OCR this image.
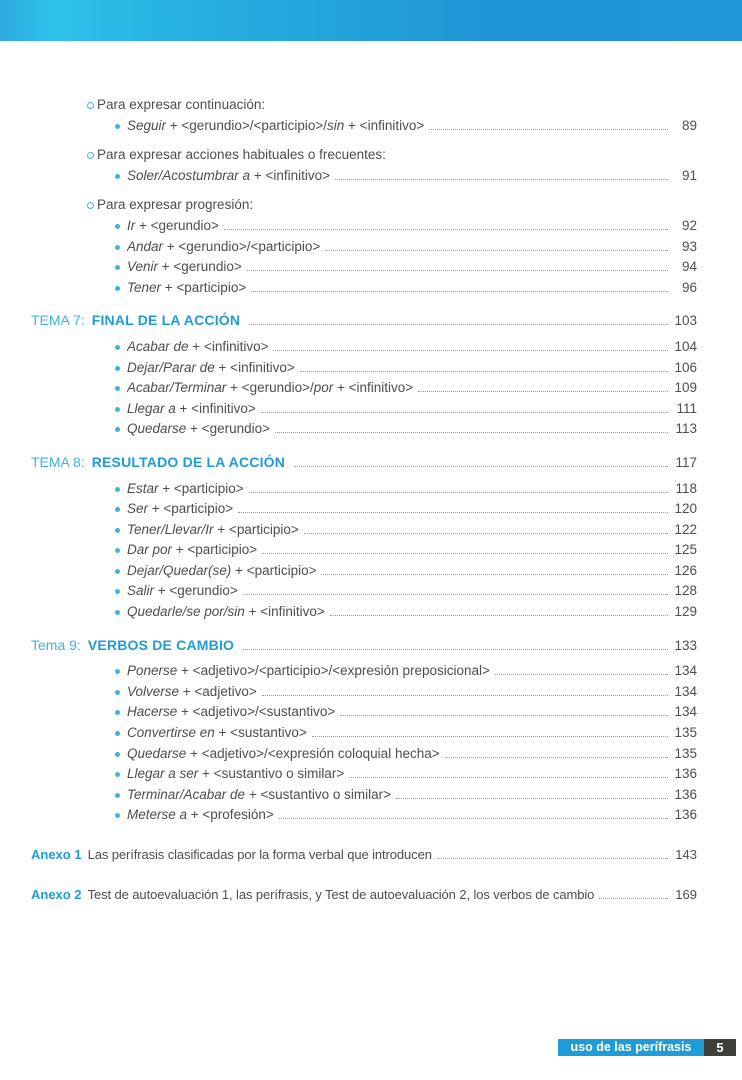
Para expresar continuación:
Seguir + <gerundio>/<participio>/sin + <infinitivo>	89
Para expresar acciones habituales o frecuentes:
Soler/Acostumbrar a + <infinitivo>	91
Para expresar progresión:
Ir + <gerundio>	92
Andar + <gerundio>/<participio>	93
Venir + <gerundio>	94
Tener + <participio>	96
TEMA 7: FINAL DE LA ACCIÓN	103
Acabar de + <infinitivo>	104
Dejar/Parar de + <infinitivo>	106
Acabar/Terminar + <gerundio>/por + <infinitivo>	109
Llegar a + <infinitivo>	111
Quedarse + <gerundio>	113
TEMA 8: RESULTADO DE LA ACCIÓN	117
Estar + <participio>	118
Ser + <participio>	120
Tener/Llevar/Ir + <participio>	122
Dar por + <participio>	125
Dejar/Quedar(se) + <participio>	126
Salir + <gerundio>	128
Quedarle/se por/sin + <infinitivo>	129
Tema 9: VERBOS DE CAMBIO	133
Ponerse + <adjetivo>/<participio>/<expresión preposicional>	134
Volverse + <adjetivo>	134
Hacerse + <adjetivo>/<sustantivo>	134
Convertirse en + <sustantivo>	135
Quedarse + <adjetivo>/<expresión coloquial hecha>	135
Llegar a ser + <sustantivo o similar>	136
Terminar/Acabar de + <sustantivo o similar>	136
Meterse a + <profesión>	136
Anexo 1 Las perífrasis clasificadas por la forma verbal que introducen	143
Anexo 2 Test de autoevaluación 1, las perífrasis, y Test de autoevaluación 2, los verbos de cambio	169
uso de las perífrasis	5
